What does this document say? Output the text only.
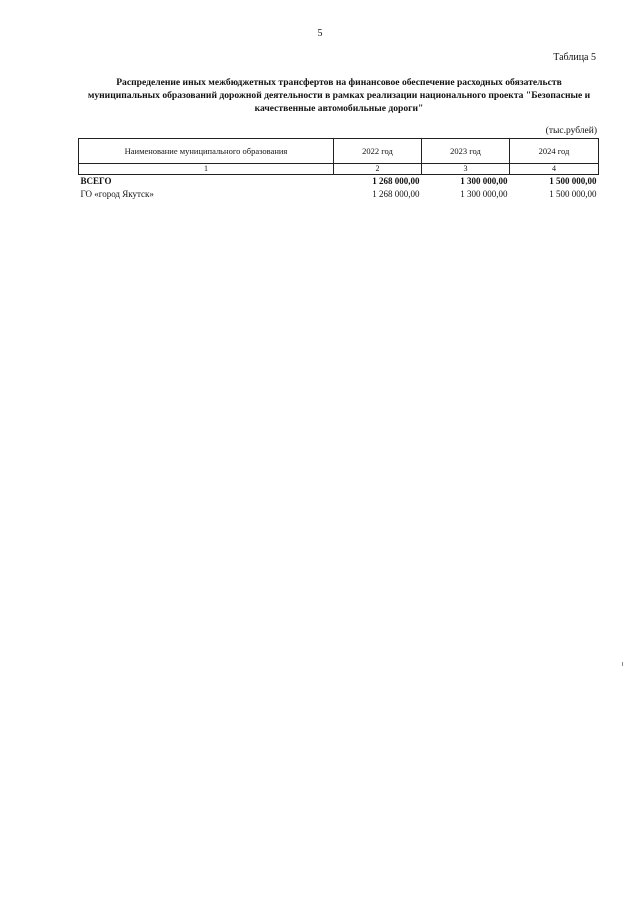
5
Таблица 5
Распределение иных межбюджетных трансфертов на финансовое обеспечение расходных обязательств
муниципальных образований дорожной деятельности в рамках реализации национального проекта "Безопасные и
качественные автомобильные дороги"
(тыс.рублей)
Наименование муниципального образования	2022 год	2023 год	2024 год
1	2	3	4
ВСЕГО	1 268 000,00	1 300 000,00	1 500 000,00
ГО «город Якутск»	1 268 000,00	1 300 000,00	1 500 000,00
